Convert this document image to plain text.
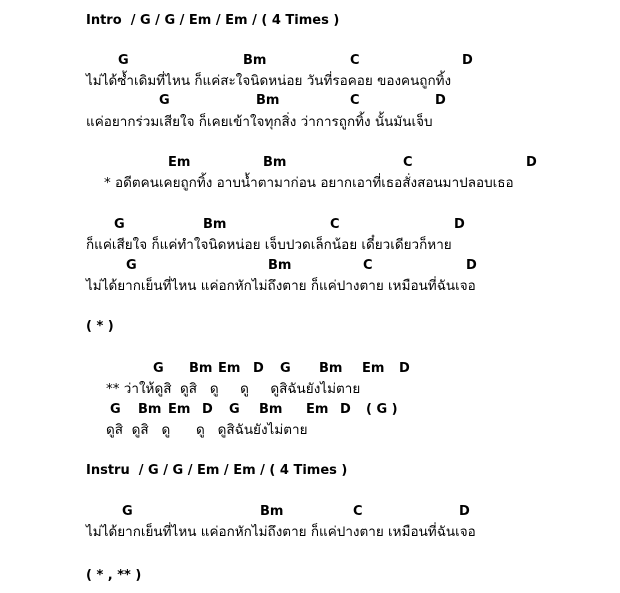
Intro  / G / G / Em / Em / ( 4 Times )
G	Bm	C	D
ไม่ได้ซ้ำเดิมที่ไหน ก็แค่สะใจนิดหน่อย วันที่รอคอย ของคนถูกทิ้ง
G	Bm	C	D
แค่อยากร่วมเสียใจ ก็เคยเข้าใจทุกสิ่ง ว่าการถูกทิ้ง นั้นมันเจ็บ
Em	Bm	C	D
* อดีตคนเคยถูกทิ้ง อาบน้ำตามาก่อน อยากเอาที่เธอสั่งสอนมาปลอบเธอ
G	Bm	C	D
ก็แค่เสียใจ ก็แค่ทำใจนิดหน่อย เจ็บปวดเล็กน้อย เดี๋ยวเดียวก็หาย
G	Bm	C	D
ไม่ได้ยากเย็นที่ไหน แค่อกหักไม่ถึงตาย ก็แค่ปางตาย เหมือนที่ฉันเจอ
( * )
G Bm Em D G Bm Em D
** ว่าให้ดูสิ  ดูสิ   ดู     ดู     ดูสิฉันยังไม่ตาย
G Bm Em D G Bm Em D ( G )
ดูสิ  ดูสิ   ดู      ดู   ดูสิฉันยังไม่ตาย
Instru  / G / G / Em / Em / ( 4 Times )
G	Bm	C	D
ไม่ได้ยากเย็นที่ไหน แค่อกหักไม่ถึงตาย ก็แค่ปางตาย เหมือนที่ฉันเจอ
( * , ** )
